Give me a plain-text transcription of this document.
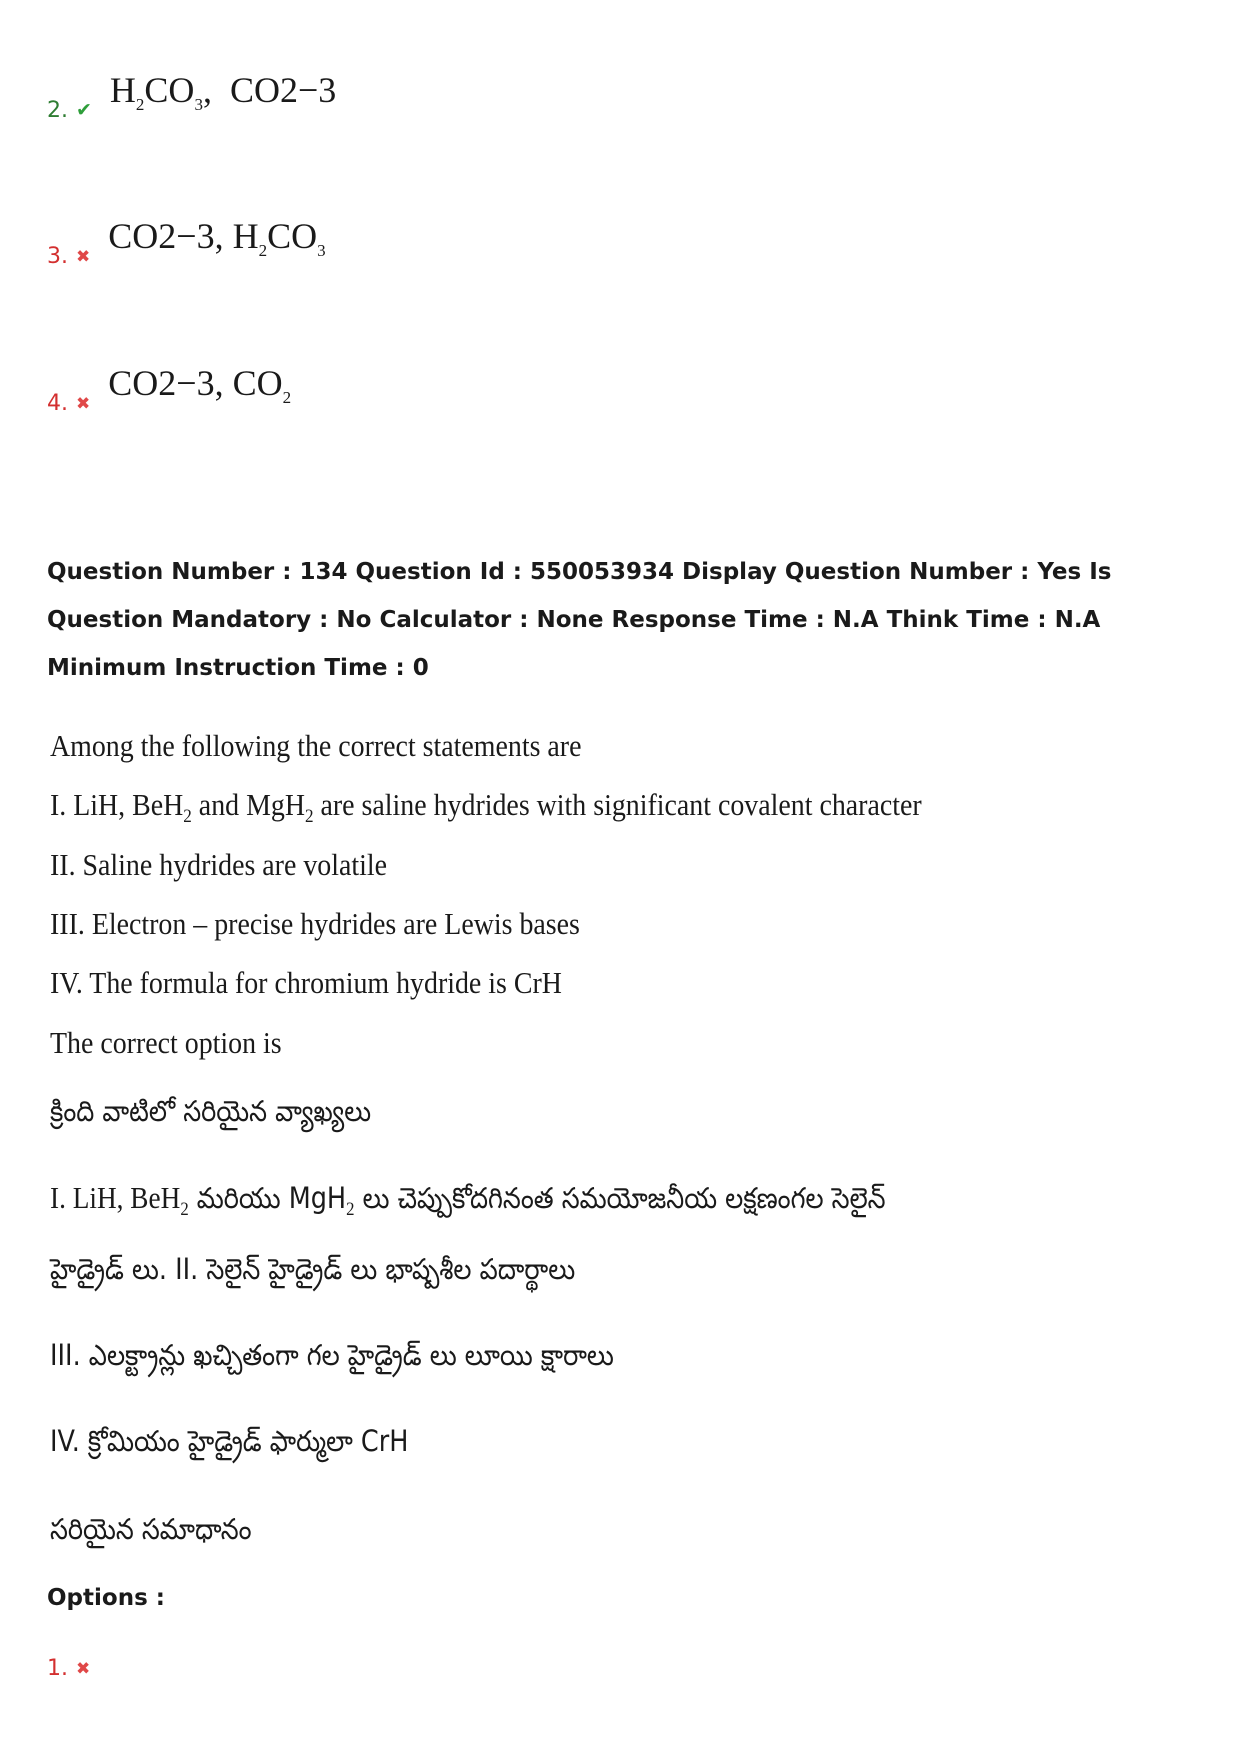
2. ✔
$H_2CO_3$,  CO2−3
3. ✖
CO2−3, $H_2CO_3$
4. ✖
CO2−3, $CO_2$
Question Number : 134 Question Id : 550053934 Display Question Number : Yes Is Question Mandatory : No Calculator : None Response Time : N.A Think Time : N.A Minimum Instruction Time : 0
Among the following the correct statements are
I. LiH, BeH$_2$ and MgH$_2$ are saline hydrides with significant covalent character
II. Saline hydrides are volatile
III. Electron – precise hydrides are Lewis bases
IV. The formula for chromium hydride is CrH
The correct option is
క్రింది వాటిలో సరియైన వ్యాఖ్యలు
I. LiH, BeH$_2$ మరియు MgH$_2$ లు చెప్పుకోదగినంత సమయోజనీయ లక్షణంగల సెలైన్
హైడ్రైడ్ లు. II. సెలైన్ హైడ్రైడ్ లు భాష్పశీల పదార్థాలు
III. ఎలక్ట్రాన్లు ఖచ్చితంగా గల హైడ్రైడ్ లు లూయి క్షారాలు
IV. క్రోమియం హైడ్రైడ్ ఫార్ములా CrH
సరియైన సమాధానం
Options :
1. ✖
